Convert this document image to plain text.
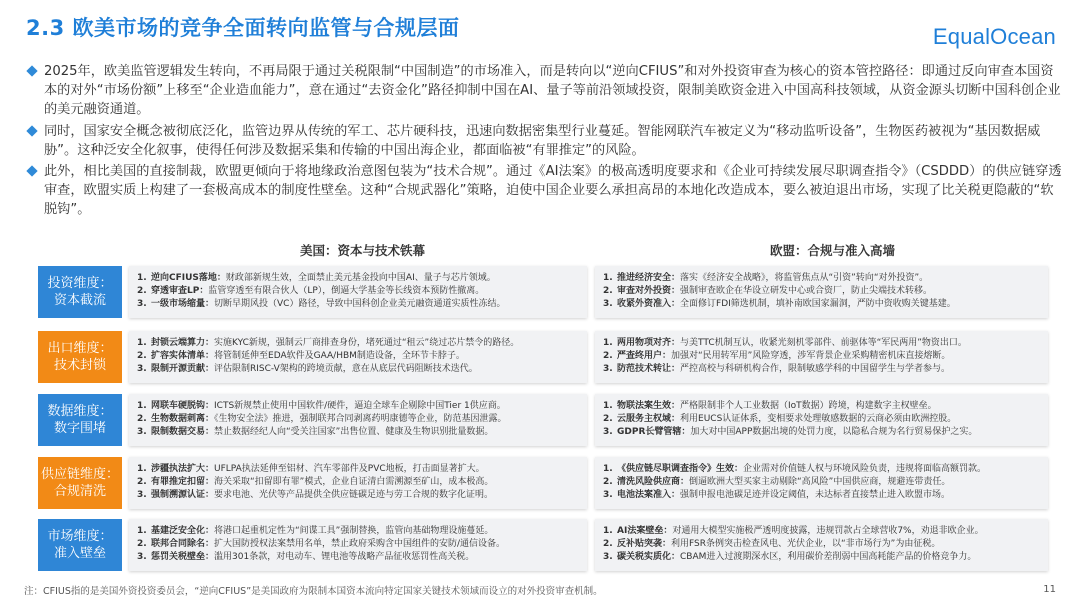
2.3 欧美市场的竞争全面转向监管与合规层面	EqualOcean
2025年，欧美监管逻辑发生转向，不再局限于通过关税限制“中国制造”的市场准入，而是转向以“逆向CFIUS”和对外投资审查为核心的资本管控路径：即通过反向审查本国资本的对外“市场份额”上移至“企业造血能力”，意在通过“去资金化”路径抑制中国在AI、量子等前沿领域投资，限制美欧资金进入中国高科技领域，从资金源头切断中国科创企业的美元融资通道。
同时，国家安全概念被彻底泛化，监管边界从传统的军工、芯片硬科技，迅速向数据密集型行业蔓延。智能网联汽车被定义为“移动监听设备”，生物医药被视为“基因数据威胁”。这种泛安全化叙事，使得任何涉及数据采集和传输的中国出海企业，都面临被“有罪推定”的风险。
此外，相比美国的直接制裁，欧盟更倾向于将地缘政治意图包装为“技术合规”。通过《AI法案》的极高透明度要求和《企业可持续发展尽职调查指令》（CSDDD）的供应链穿透审查，欧盟实质上构建了一套极高成本的制度性壁垒。这种“合规武器化”策略，迫使中国企业要么承担高昂的本地化改造成本，要么被迫退出市场，实现了比关税更隐蔽的“软脱钩”。
美国：资本与技术铁幕	欧盟：合规与准入高墙
投资维度：
资本截流
1. 逆向CFIUS落地：财政部新规生效，全面禁止美元基金投向中国AI、量子与芯片领域。
2. 穿透审查LP：监管穿透至有限合伙人（LP），倒逼大学基金等长线资本预防性撤离。
3. 一级市场缩量：切断早期风投（VC）路径，导致中国科创企业美元融资通道实质性冻结。
1. 推进经济安全：落实《经济安全战略》，将监管焦点从“引资”转向“对外投资”。
2. 审查对外投资：强制审查欧企在华设立研发中心或合资厂，防止尖端技术转移。
3. 收紧外资准入：全面修订FDI筛选机制，填补南欧国家漏洞，严防中资收购关键基建。
出口维度：
技术封锁
1. 封锁云端算力：实施KYC新规，强制云厂商排查身份，堵死通过“租云”绕过芯片禁令的路径。
2. 扩容实体清单：将管制延伸至EDA软件及GAA/HBM制造设备，全环节卡脖子。
3. 限制开源贡献：评估限制RISC-V架构的跨境贡献，意在从底层代码阻断技术迭代。
1. 两用物项对齐：与美TTC机制互认，收紧光刻机零部件、前驱体等“军民两用”物资出口。
2. 严查终用户：加强对“民用转军用”风险穿透，涉军背景企业采购精密机床直接熔断。
3. 防范技术转让：严控高校与科研机构合作，限制敏感学科的中国留学生与学者参与。
数据维度：
数字围堵
1. 网联车硬脱钩：ICTS新规禁止使用中国软件/硬件，逼迫全球车企剔除中国Tier 1供应商。
2. 生物数据刺离：《生物安全法》推进，强制联邦合同剥离药明康德等企业，防范基因泄露。
3. 限制数据交易：禁止数据经纪人向“受关注国家”出售位置、健康及生物识别批量数据。
1. 物联法案生效：严格限制非个人工业数据（IoT数据）跨境，构建数字主权壁垒。
2. 云服务主权域：利用EUCS认证体系，变相要求处理敏感数据的云商必须由欧洲控股。
3. GDPR长臂管辖：加大对中国APP数据出境的处罚力度，以隐私合规为名行贸易保护之实。
供应链维度：
合规清洗
1. 涉疆执法扩大：UFLPA执法延伸至铝材、汽车零部件及PVC地板，打击面显著扩大。
2. 有罪推定扣留：海关采取“扣留即有罪”模式，企业自证清白需溯源至矿山，成本极高。
3. 强制溯源认证：要求电池、光伏等产品提供全供应链碳足迹与劳工合规的数字化证明。
1. 《供应链尽职调查指令》生效：企业需对价值链人权与环境风险负责，违规将面临高额罚款。
2. 清洗风险供应商：倒逼欧洲大型买家主动剔除“高风险”中国供应商，规避连带责任。
3. 电池法案准入：强制申报电池碳足迹并设定阈值，未达标者直接禁止进入欧盟市场。
市场维度：
准入壁垒
1. 基建泛安全化：将港口起重机定性为“间谍工具”强制替换，监管向基础物理设施蔓延。
2. 联邦合同除名：扩大国防授权法案禁用名单，禁止政府采购含中国组件的安防/通信设备。
3. 惩罚关税壁垒：滥用301条款，对电动车、锂电池等战略产品征收惩罚性高关税。
1. AI法案壁垒：对通用大模型实施极严透明度披露，违规罚款占全球营收7%，劝退非欧企业。
2. 反补贴突袭：利用FSR条例突击检查风电、光伏企业，以“非市场行为”为由征税。
3. 碳关税实质化：CBAM进入过渡期深水区，利用碳价差削弱中国高耗能产品的价格竞争力。
注：CFIUS指的是美国外资投资委员会，“逆向CFIUS”是美国政府为限制本国资本流向特定国家关键技术领域而设立的对外投资审查机制。	11
